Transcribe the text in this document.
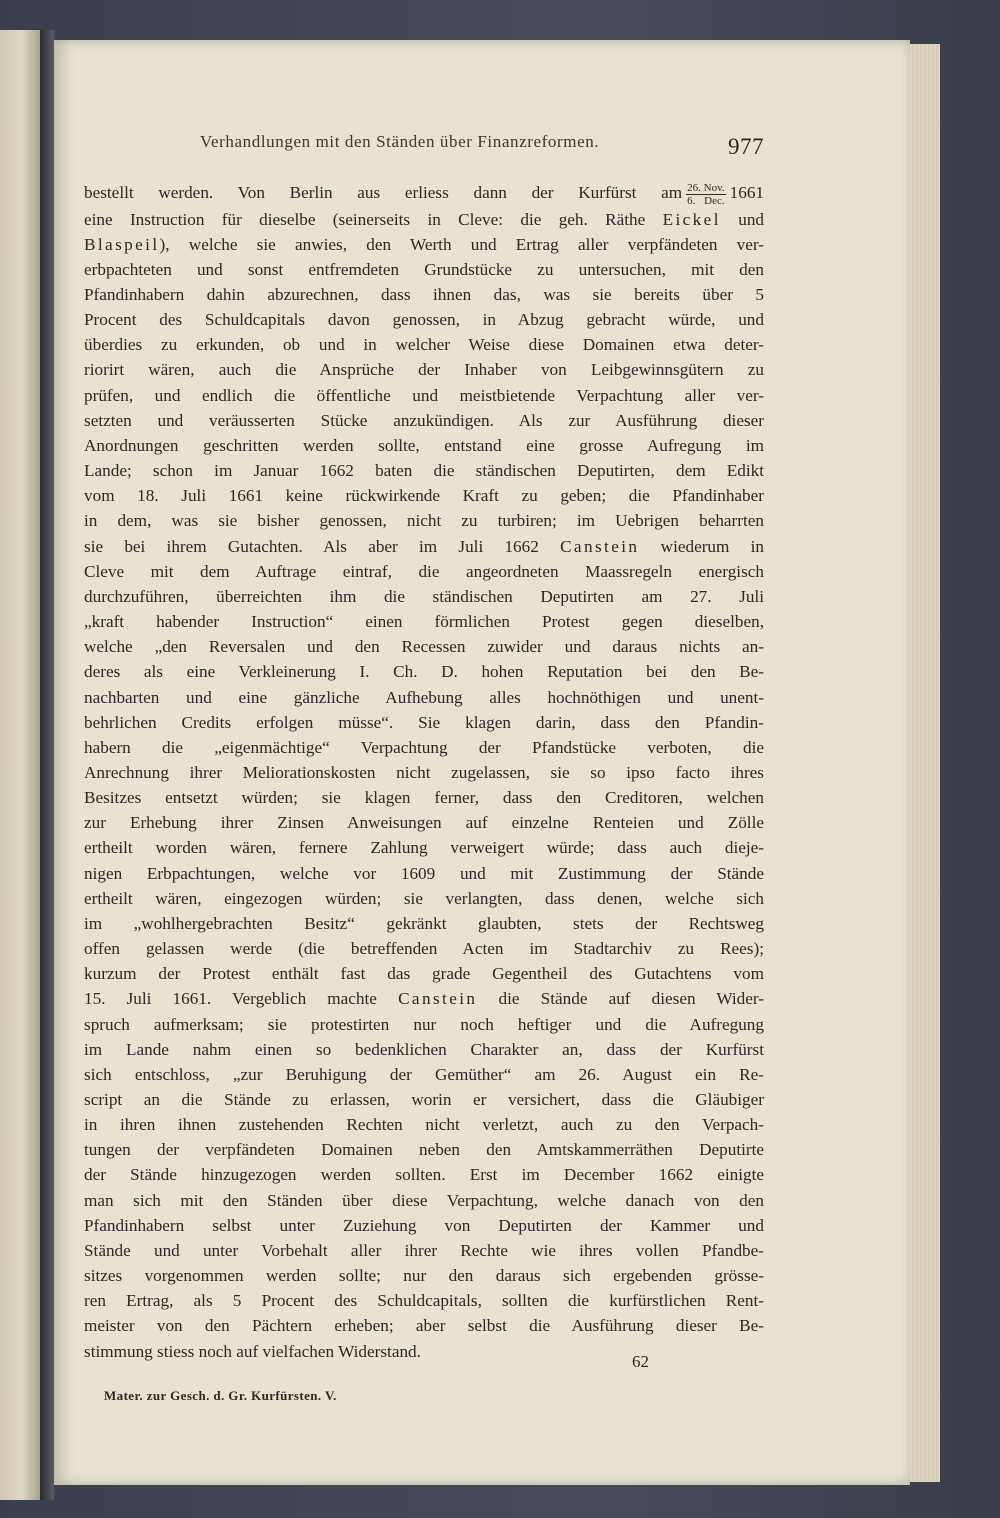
Verhandlungen mit den Ständen über Finanzreformen.	977
bestellt werden. Von Berlin aus erliess dann der Kurfürst am $\frac{\text{26. Nov.}}{\text{6. Dec.}} 1661$
eine Instruction für dieselbe (seinerseits in Cleve: die geh. Räthe Eickel und
Blaspeil), welche sie anwies, den Werth und Ertrag aller verpfändeten ver-
erbpachteten und sonst entfremdeten Grundstücke zu untersuchen, mit den
Pfandinhabern dahin abzurechnen, dass ihnen das, was sie bereits über 5
Procent des Schuldcapitals davon genossen, in Abzug gebracht würde, und
überdies zu erkunden, ob und in welcher Weise diese Domainen etwa deter-
riorirt wären, auch die Ansprüche der Inhaber von Leibgewinnsgütern zu
prüfen, und endlich die öffentliche und meistbietende Verpachtung aller ver-
setzten und veräusserten Stücke anzukündigen. Als zur Ausführung dieser
Anordnungen geschritten werden sollte, entstand eine grosse Aufregung im
Lande; schon im Januar 1662 baten die ständischen Deputirten, dem Edikt
vom 18. Juli 1661 keine rückwirkende Kraft zu geben; die Pfandinhaber
in dem, was sie bisher genossen, nicht zu turbiren; im Uebrigen beharrten
sie bei ihrem Gutachten. Als aber im Juli 1662 Canstein wiederum in
Cleve mit dem Auftrage eintraf, die angeordneten Maassregeln energisch
durchzuführen, überreichten ihm die ständischen Deputirten am 27. Juli
„kraft habender Instruction“ einen förmlichen Protest gegen dieselben,
welche „den Reversalen und den Recessen zuwider und daraus nichts an-
deres als eine Verkleinerung I. Ch. D. hohen Reputation bei den Be-
nachbarten und eine gänzliche Aufhebung alles hochnöthigen und unent-
behrlichen Credits erfolgen müsse“. Sie klagen darin, dass den Pfandin-
habern die „eigenmächtige“ Verpachtung der Pfandstücke verboten, die
Anrechnung ihrer Meliorationskosten nicht zugelassen, sie so ipso facto ihres
Besitzes entsetzt würden; sie klagen ferner, dass den Creditoren, welchen
zur Erhebung ihrer Zinsen Anweisungen auf einzelne Renteien und Zölle
ertheilt worden wären, fernere Zahlung verweigert würde; dass auch dieje-
nigen Erbpachtungen, welche vor 1609 und mit Zustimmung der Stände
ertheilt wären, eingezogen würden; sie verlangten, dass denen, welche sich
im „wohlhergebrachten Besitz“ gekränkt glaubten, stets der Rechtsweg
offen gelassen werde (die betreffenden Acten im Stadtarchiv zu Rees);
kurzum der Protest enthält fast das grade Gegentheil des Gutachtens vom
15. Juli 1661. Vergeblich machte Canstein die Stände auf diesen Wider-
spruch aufmerksam; sie protestirten nur noch heftiger und die Aufregung
im Lande nahm einen so bedenklichen Charakter an, dass der Kurfürst
sich entschloss, „zur Beruhigung der Gemüther“ am 26. August ein Re-
script an die Stände zu erlassen, worin er versichert, dass die Gläubiger
in ihren ihnen zustehenden Rechten nicht verletzt, auch zu den Verpach-
tungen der verpfändeten Domainen neben den Amtskammerräthen Deputirte
der Stände hinzugezogen werden sollten. Erst im December 1662 einigte
man sich mit den Ständen über diese Verpachtung, welche danach von den
Pfandinhabern selbst unter Zuziehung von Deputirten der Kammer und
Stände und unter Vorbehalt aller ihrer Rechte wie ihres vollen Pfandbe-
sitzes vorgenommen werden sollte; nur den daraus sich ergebenden grösse-
ren Ertrag, als 5 Procent des Schuldcapitals, sollten die kurfürstlichen Rent-
meister von den Pächtern erheben; aber selbst die Ausführung dieser Be-
stimmung stiess noch auf vielfachen Widerstand.
62
Mater. zur Gesch. d. Gr. Kurfürsten. V.
